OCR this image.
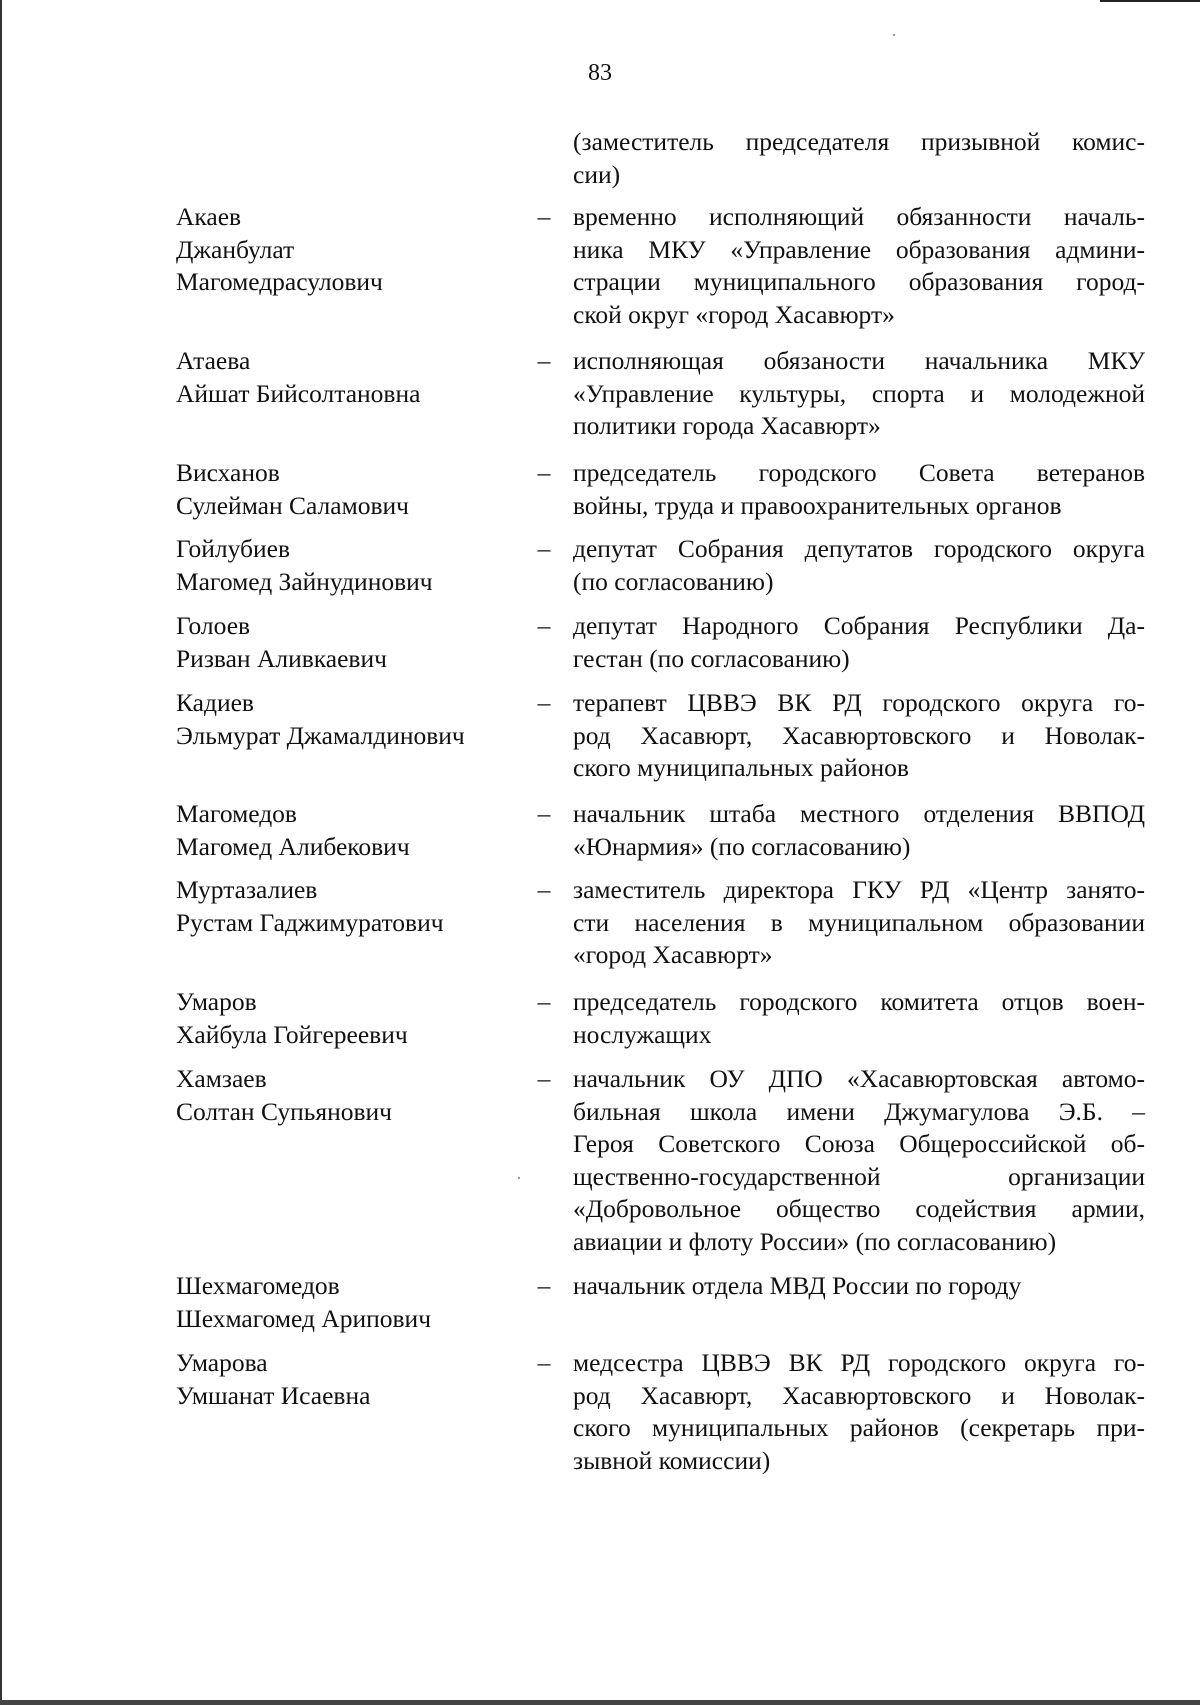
83
(заместитель председателя призывной комис-
сии)
Акаев
Джанбулат
Магомедрасулович
– временно исполняющий обязанности началь-
ника МКУ «Управление образования админи-
страции муниципального образования город-
ской округ «город Хасавюрт»
Атаева
Айшат Бийсолтановна
– исполняющая обязаности начальника МКУ
«Управление культуры, спорта и молодежной
политики города Хасавюрт»
Висханов
Сулейман Саламович
– председатель городского Совета ветеранов
войны, труда и правоохранительных органов
Гойлубиев
Магомед Зайнудинович
– депутат Собрания депутатов городского округа
(по согласованию)
Голоев
Ризван Аливкаевич
– депутат Народного Собрания Республики Да-
гестан (по согласованию)
Кадиев
Эльмурат Джамалдинович
– терапевт ЦВВЭ ВК РД городского округа го-
род Хасавюрт, Хасавюртовского и Новолак-
ского муниципальных районов
Магомедов
Магомед Алибекович
– начальник штаба местного отделения ВВПОД
«Юнармия» (по согласованию)
Муртазалиев
Рустам Гаджимуратович
– заместитель директора ГКУ РД «Центр занято-
сти населения в муниципальном образовании
«город Хасавюрт»
Умаров
Хайбула Гойгереевич
– председатель городского комитета отцов воен-
нослужащих
Хамзаев
Солтан Супьянович
– начальник ОУ ДПО «Хасавюртовская автомо-
бильная школа имени Джумагулова Э.Б. –
Героя Советского Союза Общероссийской об-
щественно-государственной организации
«Добровольное общество содействия армии,
авиации и флоту России» (по согласованию)
Шехмагомедов
Шехмагомед Арипович
– начальник отдела МВД России по городу
Умарова
Умшанат Исаевна
– медсестра ЦВВЭ ВК РД городского округа го-
род Хасавюрт, Хасавюртовского и Новолак-
ского муниципальных районов (секретарь при-
зывной комиссии)
